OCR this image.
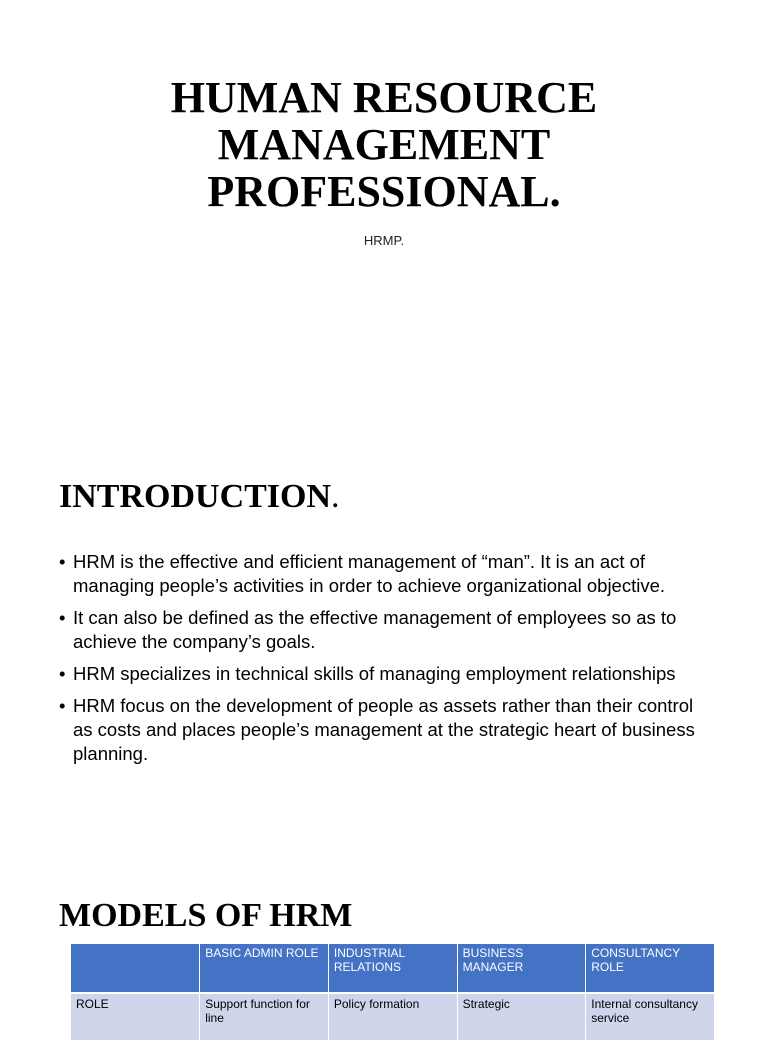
HUMAN RESOURCE
MANAGEMENT
PROFESSIONAL.

HRMP.

INTRODUCTION.
• HRM is the effective and efficient management of “man”. It is an act of managing people’s activities in order to achieve organizational objective.
• It can also be defined as the effective management of employees so as to achieve the company’s goals.
• HRM specializes in technical skills of managing employment relationships
• HRM focus on the development of people as assets rather than their control as costs and places people’s management at the strategic heart of business planning.
MODELS OF HRM
	BASIC ADMIN ROLE	INDUSTRIAL RELATIONS	BUSINESS MANAGER	CONSULTANCY ROLE
ROLE	Support function for line	Policy formation	Strategic	Internal consultancy service
